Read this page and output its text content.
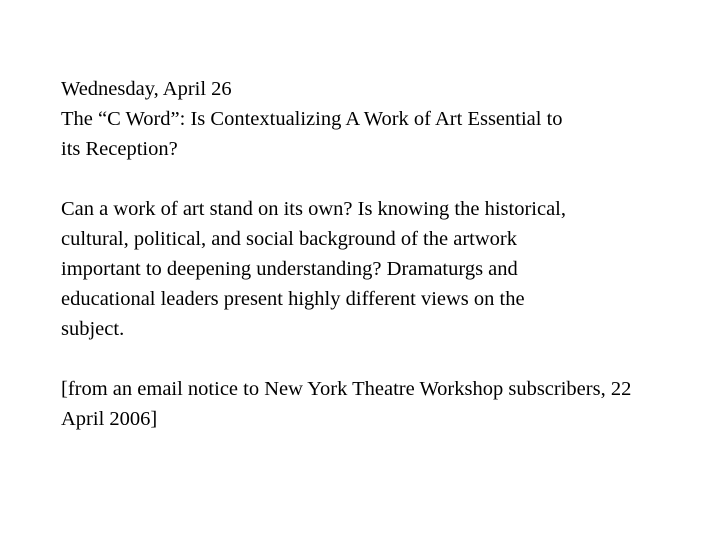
Wednesday, April 26
The “C Word”: Is Contextualizing A Work of Art Essential to
its Reception?
Can a work of art stand on its own? Is knowing the historical,
cultural, political, and social background of the artwork
important to deepening understanding? Dramaturgs and
educational leaders present highly different views on the
subject.
[from an email notice to New York Theatre Workshop subscribers, 22
April 2006]
